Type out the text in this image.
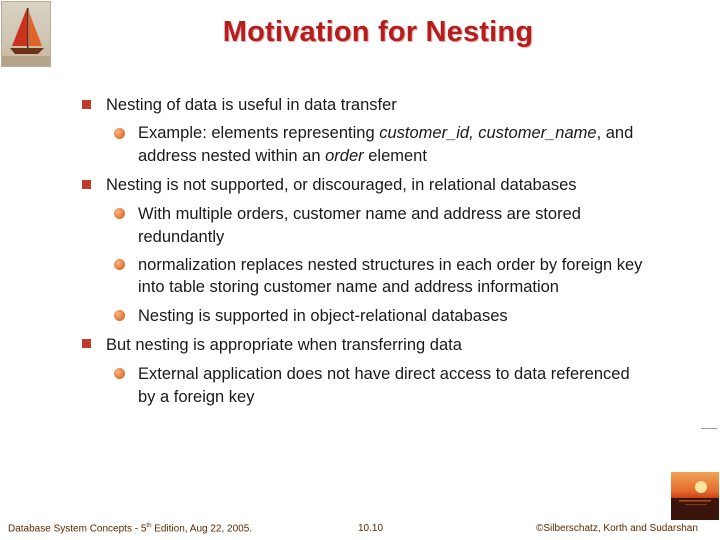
Motivation for Nesting
Nesting of data is useful in data transfer
Example: elements representing customer_id, customer_name, and
address nested within an order element
Nesting is not supported, or discouraged, in relational databases
With multiple orders, customer name and address are stored
redundantly
normalization replaces nested structures in each order by foreign key
into table storing customer name and address information
Nesting is supported in object-relational databases
But nesting is appropriate when transferring data
External application does not have direct access to data referenced
by a foreign key
Database System Concepts - 5th Edition, Aug 22, 2005.	10.10	©Silberschatz, Korth and Sudarshan
